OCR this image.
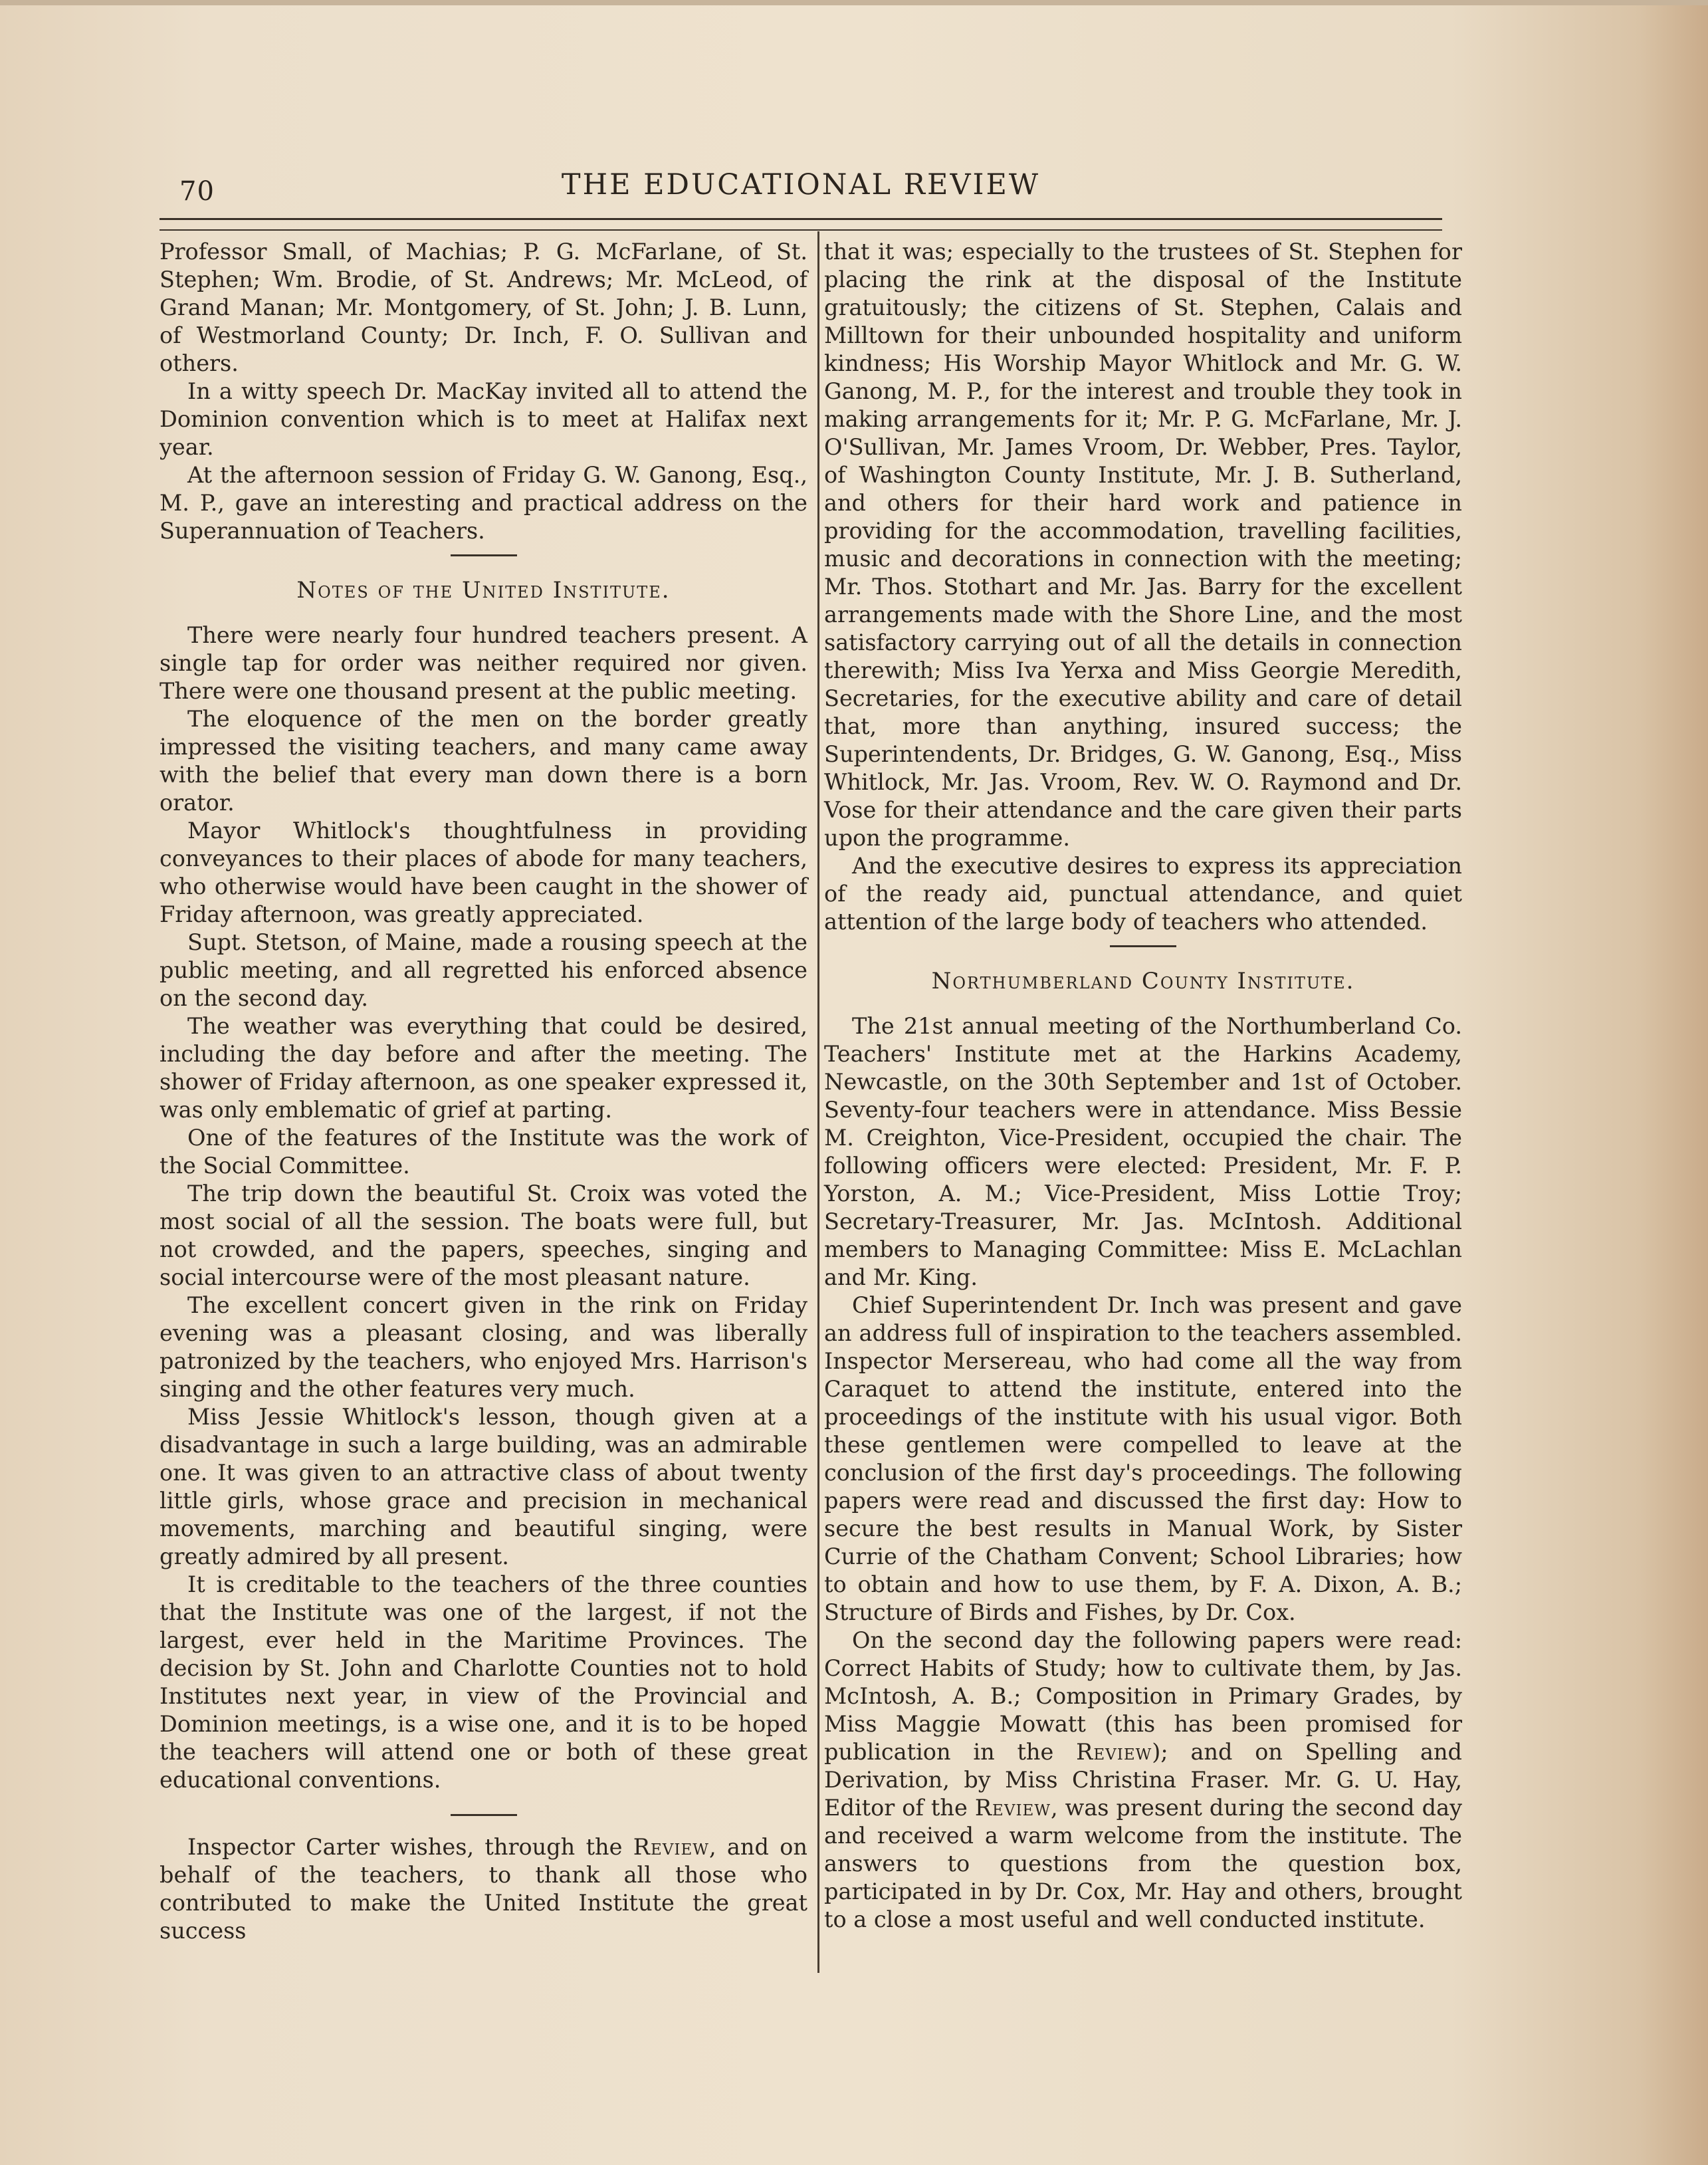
70	THE EDUCATIONAL REVIEW

Professor Small, of Machias; P. G. McFarlane, of St. Stephen; Wm. Brodie, of St. Andrews; Mr. McLeod, of Grand Manan; Mr. Montgomery, of St. John; J. B. Lunn, of Westmorland County; Dr. Inch, F. O. Sullivan and others.

In a witty speech Dr. MacKay invited all to attend the Dominion convention which is to meet at Halifax next year.

At the afternoon session of Friday G. W. Ganong, Esq., M. P., gave an interesting and practical address on the Superannuation of Teachers.

Notes of the United Institute.

There were nearly four hundred teachers present. A single tap for order was neither required nor given. There were one thousand present at the public meeting.

The eloquence of the men on the border greatly impressed the visiting teachers, and many came away with the belief that every man down there is a born orator.

Mayor Whitlock's thoughtfulness in providing conveyances to their places of abode for many teachers, who otherwise would have been caught in the shower of Friday afternoon, was greatly appreciated.

Supt. Stetson, of Maine, made a rousing speech at the public meeting, and all regretted his enforced absence on the second day.

The weather was everything that could be desired, including the day before and after the meeting. The shower of Friday afternoon, as one speaker expressed it, was only emblematic of grief at parting.

One of the features of the Institute was the work of the Social Committee.

The trip down the beautiful St. Croix was voted the most social of all the session. The boats were full, but not crowded, and the papers, speeches, singing and social intercourse were of the most pleasant nature.

The excellent concert given in the rink on Friday evening was a pleasant closing, and was liberally patronized by the teachers, who enjoyed Mrs. Harrison's singing and the other features very much.

Miss Jessie Whitlock's lesson, though given at a disadvantage in such a large building, was an admirable one. It was given to an attractive class of about twenty little girls, whose grace and precision in mechanical movements, marching and beautiful singing, were greatly admired by all present.

It is creditable to the teachers of the three counties that the Institute was one of the largest, if not the largest, ever held in the Maritime Provinces. The decision by St. John and Charlotte Counties not to hold Institutes next year, in view of the Provincial and Dominion meetings, is a wise one, and it is to be hoped the teachers will attend one or both of these great educational conventions.

Inspector Carter wishes, through the Review, and on behalf of the teachers, to thank all those who contributed to make the United Institute the great success

that it was; especially to the trustees of St. Stephen for placing the rink at the disposal of the Institute gratuitously; the citizens of St. Stephen, Calais and Milltown for their unbounded hospitality and uniform kindness; His Worship Mayor Whitlock and Mr. G. W. Ganong, M. P., for the interest and trouble they took in making arrangements for it; Mr. P. G. McFarlane, Mr. J. O'Sullivan, Mr. James Vroom, Dr. Webber, Pres. Taylor, of Washington County Institute, Mr. J. B. Sutherland, and others for their hard work and patience in providing for the accommodation, travelling facilities, music and decorations in connection with the meeting; Mr. Thos. Stothart and Mr. Jas. Barry for the excellent arrangements made with the Shore Line, and the most satisfactory carrying out of all the details in connection therewith; Miss Iva Yerxa and Miss Georgie Meredith, Secretaries, for the executive ability and care of detail that, more than anything, insured success; the Superintendents, Dr. Bridges, G. W. Ganong, Esq., Miss Whitlock, Mr. Jas. Vroom, Rev. W. O. Raymond and Dr. Vose for their attendance and the care given their parts upon the programme.

And the executive desires to express its appreciation of the ready aid, punctual attendance, and quiet attention of the large body of teachers who attended.

Northumberland County Institute.

The 21st annual meeting of the Northumberland Co. Teachers' Institute met at the Harkins Academy, Newcastle, on the 30th September and 1st of October. Seventy-four teachers were in attendance. Miss Bessie M. Creighton, Vice-President, occupied the chair. The following officers were elected: President, Mr. F. P. Yorston, A. M.; Vice-President, Miss Lottie Troy; Secretary-Treasurer, Mr. Jas. McIntosh. Additional members to Managing Committee: Miss E. McLachlan and Mr. King.

Chief Superintendent Dr. Inch was present and gave an address full of inspiration to the teachers assembled. Inspector Mersereau, who had come all the way from Caraquet to attend the institute, entered into the proceedings of the institute with his usual vigor. Both these gentlemen were compelled to leave at the conclusion of the first day's proceedings. The following papers were read and discussed the first day: How to secure the best results in Manual Work, by Sister Currie of the Chatham Convent; School Libraries; how to obtain and how to use them, by F. A. Dixon, A. B.; Structure of Birds and Fishes, by Dr. Cox.

On the second day the following papers were read: Correct Habits of Study; how to cultivate them, by Jas. McIntosh, A. B.; Composition in Primary Grades, by Miss Maggie Mowatt (this has been promised for publication in the Review); and on Spelling and Derivation, by Miss Christina Fraser. Mr. G. U. Hay, Editor of the Review, was present during the second day and received a warm welcome from the institute. The answers to questions from the question box, participated in by Dr. Cox, Mr. Hay and others, brought to a close a most useful and well conducted institute.
